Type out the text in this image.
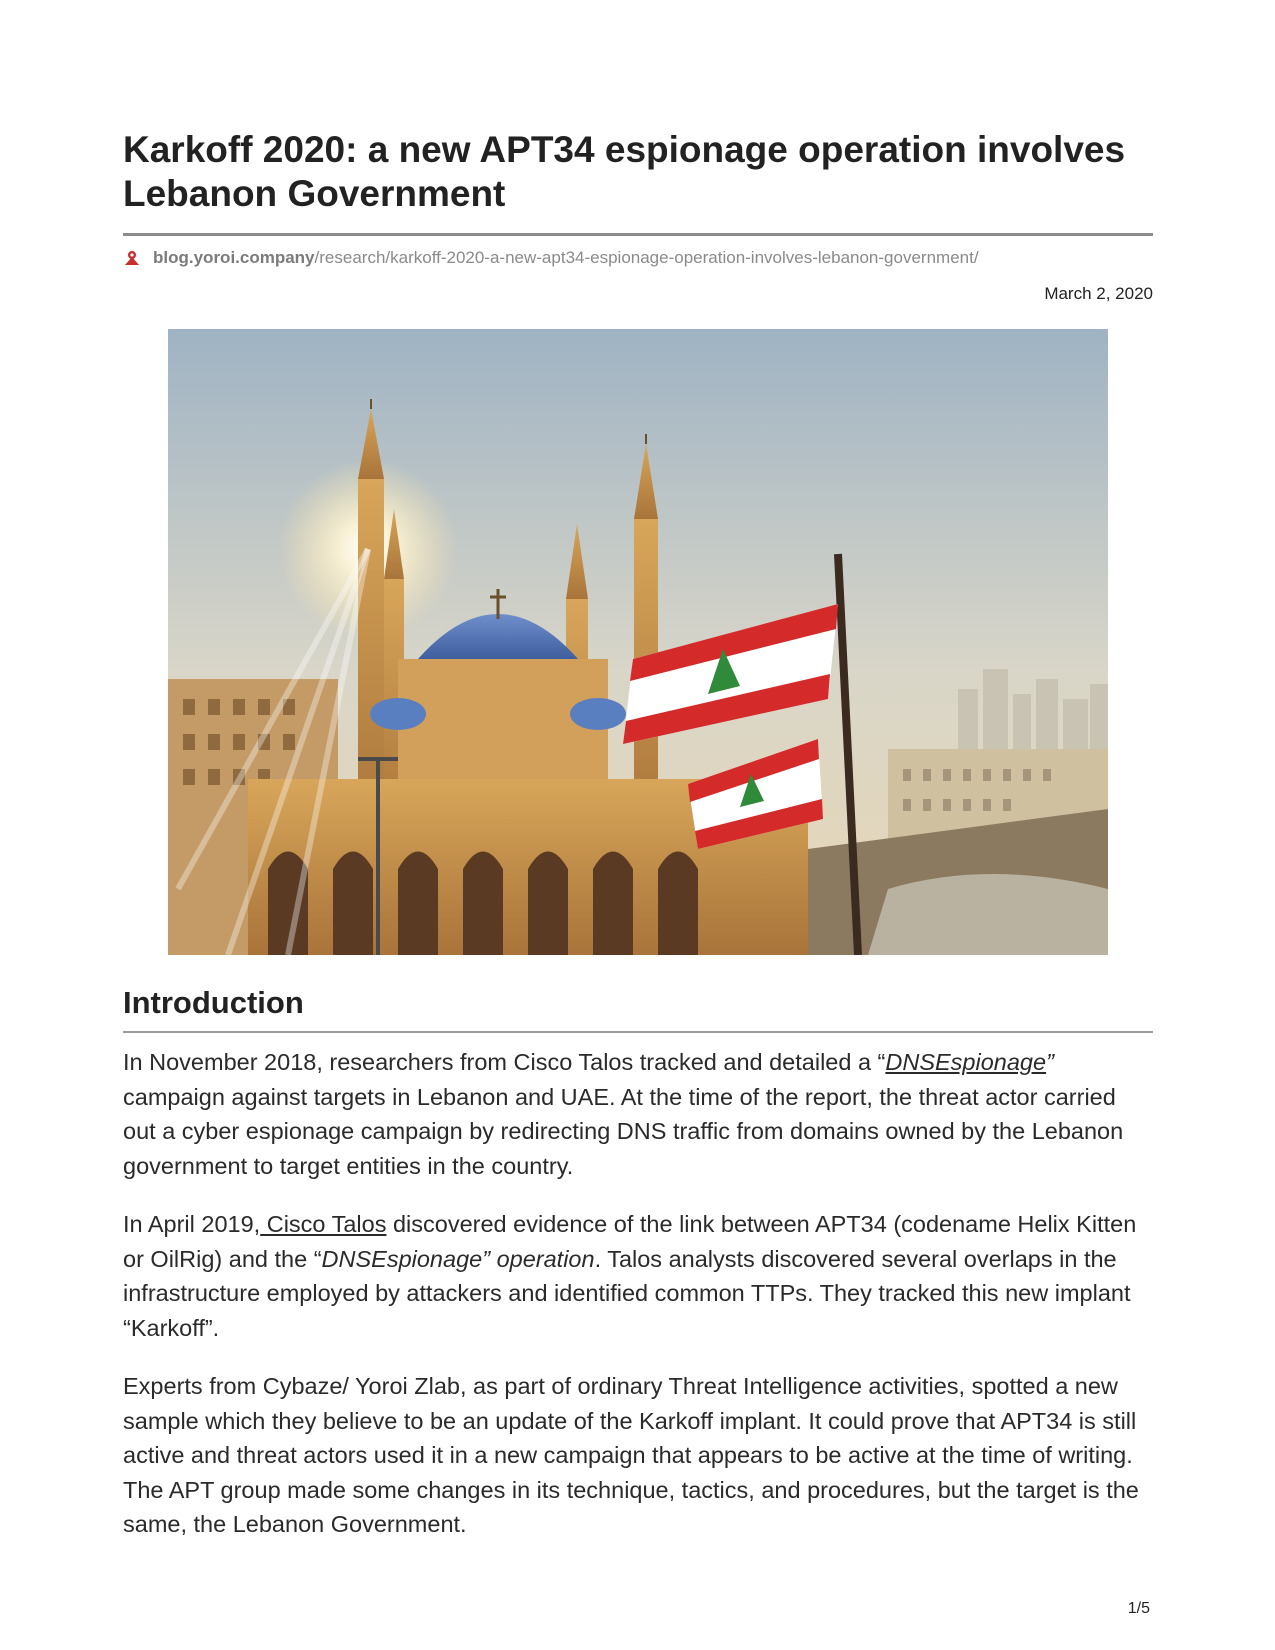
Karkoff 2020: a new APT34 espionage operation involves Lebanon Government
blog.yoroi.company /research/karkoff-2020-a-new-apt34-espionage-operation-involves-lebanon-government/
March 2, 2020
Introduction

In November 2018, researchers from Cisco Talos tracked and detailed a “DNSEspionage” campaign against targets in Lebanon and UAE. At the time of the report, the threat actor carried out a cyber espionage campaign by redirecting DNS traffic from domains owned by the Lebanon government to target entities in the country.

In April 2019, Cisco Talos discovered evidence of the link between APT34 (codename Helix Kitten or OilRig) and the “DNSEspionage” operation. Talos analysts discovered several overlaps in the infrastructure employed by attackers and identified common TTPs. They tracked this new implant “Karkoff”.

Experts from Cybaze/ Yoroi Zlab, as part of ordinary Threat Intelligence activities, spotted a new sample which they believe to be an update of the Karkoff implant. It could prove that APT34 is still active and threat actors used it in a new campaign that appears to be active at the time of writing. The APT group made some changes in its technique, tactics, and procedures, but the target is the same, the Lebanon Government.

1/5
